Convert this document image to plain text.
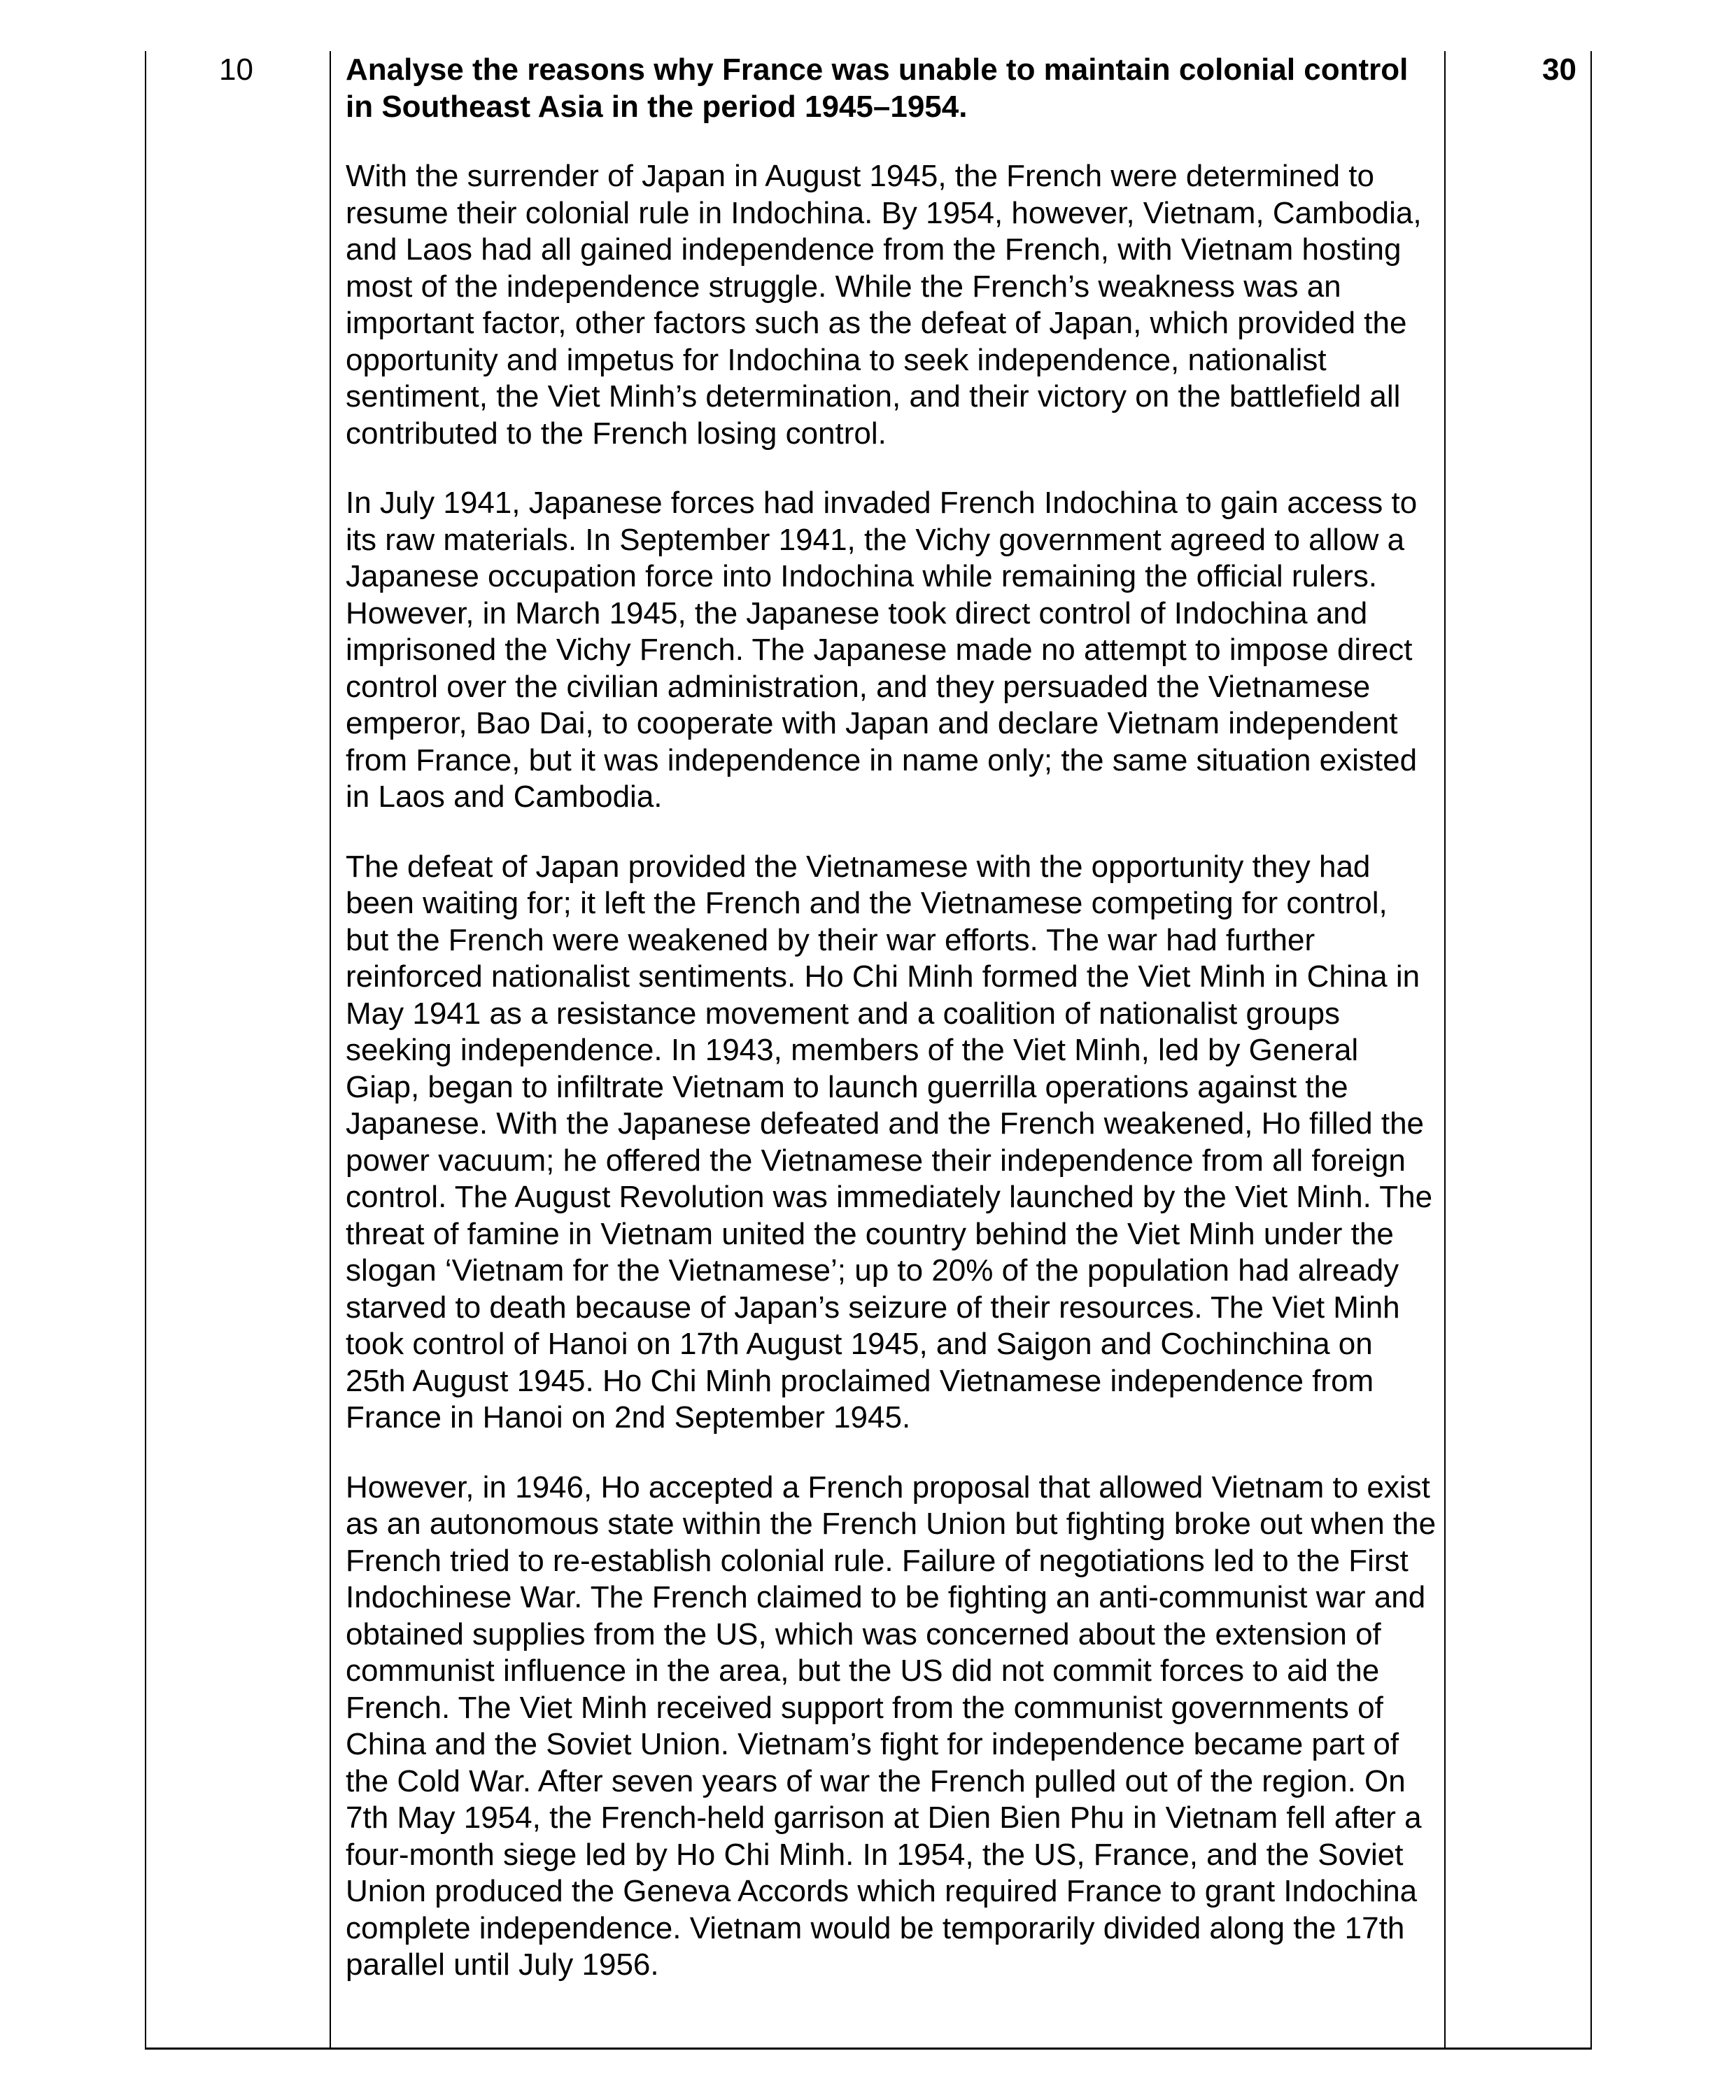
10	Analyse the reasons why France was unable to maintain colonial control in Southeast Asia in the period 1945–1954.

With the surrender of Japan in August 1945, the French were determined to resume their colonial rule in Indochina. By 1954, however, Vietnam, Cambodia, and Laos had all gained independence from the French, with Vietnam hosting most of the independence struggle. While the French’s weakness was an important factor, other factors such as the defeat of Japan, which provided the opportunity and impetus for Indochina to seek independence, nationalist sentiment, the Viet Minh’s determination, and their victory on the battlefield all contributed to the French losing control.

In July 1941, Japanese forces had invaded French Indochina to gain access to its raw materials. In September 1941, the Vichy government agreed to allow a Japanese occupation force into Indochina while remaining the official rulers. However, in March 1945, the Japanese took direct control of Indochina and imprisoned the Vichy French. The Japanese made no attempt to impose direct control over the civilian administration, and they persuaded the Vietnamese emperor, Bao Dai, to cooperate with Japan and declare Vietnam independent from France, but it was independence in name only; the same situation existed in Laos and Cambodia.

The defeat of Japan provided the Vietnamese with the opportunity they had been waiting for; it left the French and the Vietnamese competing for control, but the French were weakened by their war efforts. The war had further reinforced nationalist sentiments. Ho Chi Minh formed the Viet Minh in China in May 1941 as a resistance movement and a coalition of nationalist groups seeking independence. In 1943, members of the Viet Minh, led by General Giap, began to infiltrate Vietnam to launch guerrilla operations against the Japanese. With the Japanese defeated and the French weakened, Ho filled the power vacuum; he offered the Vietnamese their independence from all foreign control. The August Revolution was immediately launched by the Viet Minh. The threat of famine in Vietnam united the country behind the Viet Minh under the slogan ‘Vietnam for the Vietnamese’; up to 20% of the population had already starved to death because of Japan’s seizure of their resources. The Viet Minh took control of Hanoi on 17th August 1945, and Saigon and Cochinchina on 25th August 1945. Ho Chi Minh proclaimed Vietnamese independence from France in Hanoi on 2nd September 1945.

However, in 1946, Ho accepted a French proposal that allowed Vietnam to exist as an autonomous state within the French Union but fighting broke out when the French tried to re-establish colonial rule. Failure of negotiations led to the First Indochinese War. The French claimed to be fighting an anti-communist war and obtained supplies from the US, which was concerned about the extension of communist influence in the area, but the US did not commit forces to aid the French. The Viet Minh received support from the communist governments of China and the Soviet Union. Vietnam’s fight for independence became part of the Cold War. After seven years of war the French pulled out of the region. On 7th May 1954, the French-held garrison at Dien Bien Phu in Vietnam fell after a four-month siege led by Ho Chi Minh. In 1954, the US, France, and the Soviet Union produced the Geneva Accords which required France to grant Indochina complete independence. Vietnam would be temporarily divided along the 17th parallel until July 1956.

30
